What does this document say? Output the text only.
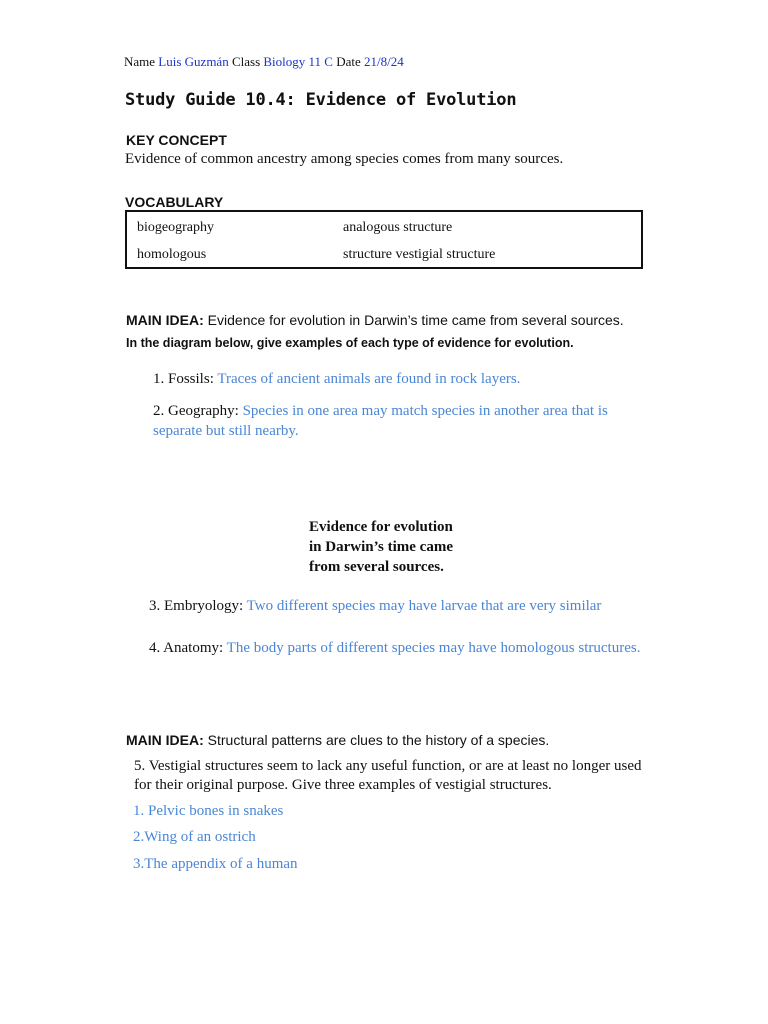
Name Luis Guzmán Class Biology 11 C Date 21/8/24
Study Guide 10.4: Evidence of Evolution
KEY CONCEPT
Evidence of common ancestry among species comes from many sources.
VOCABULARY
biogeography	analogous structure
homologous	structure vestigial structure
MAIN IDEA: Evidence for evolution in Darwin’s time came from several sources.
In the diagram below, give examples of each type of evidence for evolution.
1. Fossils: Traces of ancient animals are found in rock layers.
2. Geography: Species in one area may match species in another area that is separate but still nearby.
Evidence for evolution
in Darwin’s time came
from several sources.
3. Embryology: Two different species may have larvae that are very similar
4. Anatomy: The body parts of different species may have homologous structures.
MAIN IDEA: Structural patterns are clues to the history of a species.
5. Vestigial structures seem to lack any useful function, or are at least no longer used for their original purpose. Give three examples of vestigial structures.
1. Pelvic bones in snakes
2.Wing of an ostrich
3.The appendix of a human
